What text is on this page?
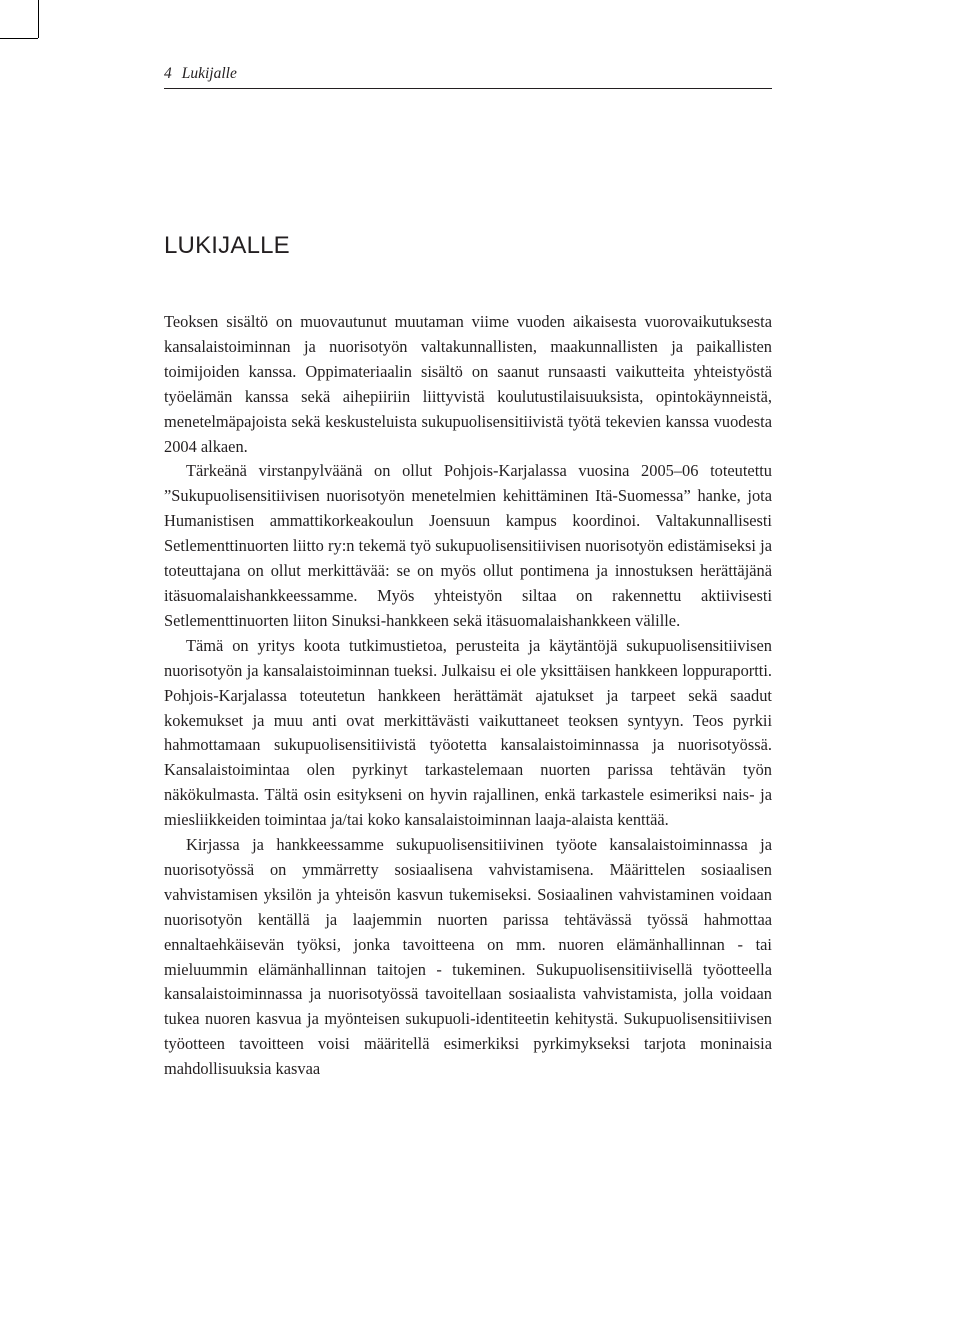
4 Lukijalle
LUKIJALLE

Teoksen sisältö on muovautunut muutaman viime vuoden aikaisesta vuorovaikutuksesta kansalaistoiminnan ja nuorisotyön valtakunnallisten, maakunnallisten ja paikallisten toimijoiden kanssa. Oppimateriaalin sisältö on saanut runsaasti vaikutteita yhteistyöstä työelämän kanssa sekä aihepiiriin liittyvistä koulutustilaisuuksista, opintokäynneistä, menetelmäpajoista sekä keskusteluista sukupuolisensitiivistä työtä tekevien kanssa vuodesta 2004 alkaen.

Tärkeänä virstanpylväänä on ollut Pohjois-Karjalassa vuosina 2005–06 toteutettu ”Sukupuolisensitiivisen nuorisotyön menetelmien kehittäminen Itä-Suomessa” hanke, jota Humanistisen ammattikorkeakoulun Joensuun kampus koordinoi. Valtakunnallisesti Setlementtinuorten liitto ry:n tekemä työ sukupuolisensitiivisen nuorisotyön edistämiseksi ja toteuttajana on ollut merkittävää: se on myös ollut pontimena ja innostuksen herättäjänä itäsuomalaishankkeessamme. Myös yhteistyön siltaa on rakennettu aktiivisesti Setlementtinuorten liiton Sinuksi-hankkeen sekä itäsuomalaishankkeen välille.

Tämä on yritys koota tutkimustietoa, perusteita ja käytäntöjä sukupuolisensitiivisen nuorisotyön ja kansalaistoiminnan tueksi. Julkaisu ei ole yksittäisen hankkeen loppuraportti. Pohjois-Karjalassa toteutetun hankkeen herättämät ajatukset ja tarpeet sekä saadut kokemukset ja muu anti ovat merkittävästi vaikuttaneet teoksen syntyyn. Teos pyrkii hahmottamaan sukupuolisensitiivistä työotetta kansalaistoiminnassa ja nuorisotyössä. Kansalaistoimintaa olen pyrkinyt tarkastelemaan nuorten parissa tehtävän työn näkökulmasta. Tältä osin esitykseni on hyvin rajallinen, enkä tarkastele esimeriksi nais- ja miesliikkeiden toimintaa ja/tai koko kansalaistoiminnan laaja-alaista kenttää.

Kirjassa ja hankkeessamme sukupuolisensitiivinen työote kansalaistoiminnassa ja nuorisotyössä on ymmärretty sosiaalisena vahvistamisena. Määrittelen sosiaalisen vahvistamisen yksilön ja yhteisön kasvun tukemiseksi. Sosiaalinen vahvistaminen voidaan nuorisotyön kentällä ja laajemmin nuorten parissa tehtävässä työssä hahmottaa ennaltaehkäisevän työksi, jonka tavoitteena on mm. nuoren elämänhallinnan - tai mieluummin elämänhallinnan taitojen - tukeminen. Sukupuolisensitiivisellä työotteella kansalaistoiminnassa ja nuorisotyössä tavoitellaan sosiaalista vahvistamista, jolla voidaan tukea nuoren kasvua ja myönteisen sukupuoli-identiteetin kehitystä. Sukupuolisensitiivisen työotteen tavoitteen voisi määritellä esimerkiksi pyrkimykseksi tarjota moninaisia mahdollisuuksia kasvaa
